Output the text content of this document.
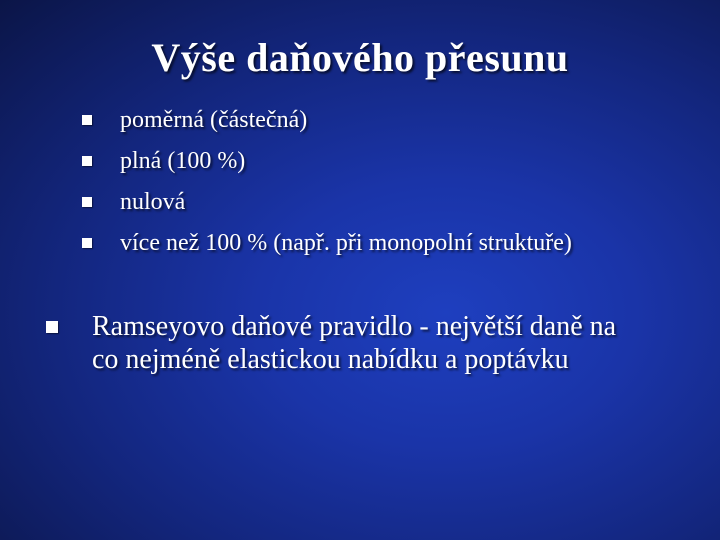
Výše daňového přesunu
poměrná (částečná)
plná (100 %)
nulová
více než 100 % (např. při monopolní struktuře)
Ramseyovo daňové pravidlo - největší daně na
co nejméně elastickou nabídku a poptávku
